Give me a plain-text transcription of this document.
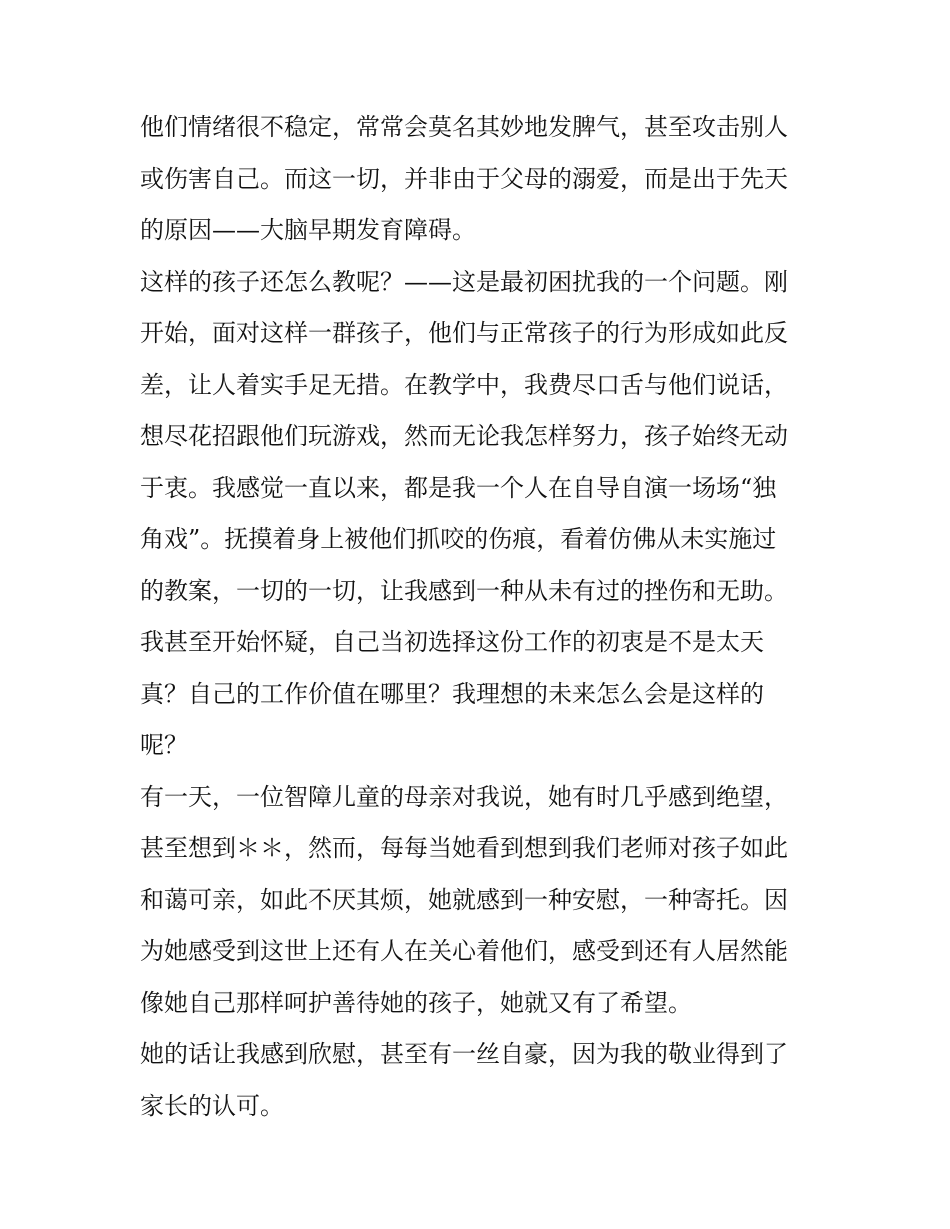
他们情绪很不稳定，常常会莫名其妙地发脾气，甚至攻击别人
或伤害自己。而这一切，并非由于父母的溺爱，而是出于先天
的原因——大脑早期发育障碍。
这样的孩子还怎么教呢？——这是最初困扰我的一个问题。刚
开始，面对这样一群孩子，他们与正常孩子的行为形成如此反
差，让人着实手足无措。在教学中，我费尽口舌与他们说话，
想尽花招跟他们玩游戏，然而无论我怎样努力，孩子始终无动
于衷。我感觉一直以来，都是我一个人在自导自演一场场“独
角戏”。抚摸着身上被他们抓咬的伤痕，看着仿佛从未实施过
的教案，一切的一切，让我感到一种从未有过的挫伤和无助。
我甚至开始怀疑，自己当初选择这份工作的初衷是不是太天
真？自己的工作价值在哪里？我理想的未来怎么会是这样的
呢？
有一天，一位智障儿童的母亲对我说，她有时几乎感到绝望，
甚至想到＊＊，然而，每每当她看到想到我们老师对孩子如此
和蔼可亲，如此不厌其烦，她就感到一种安慰，一种寄托。因
为她感受到这世上还有人在关心着他们，感受到还有人居然能
像她自己那样呵护善待她的孩子，她就又有了希望。
她的话让我感到欣慰，甚至有一丝自豪，因为我的敬业得到了
家长的认可。
